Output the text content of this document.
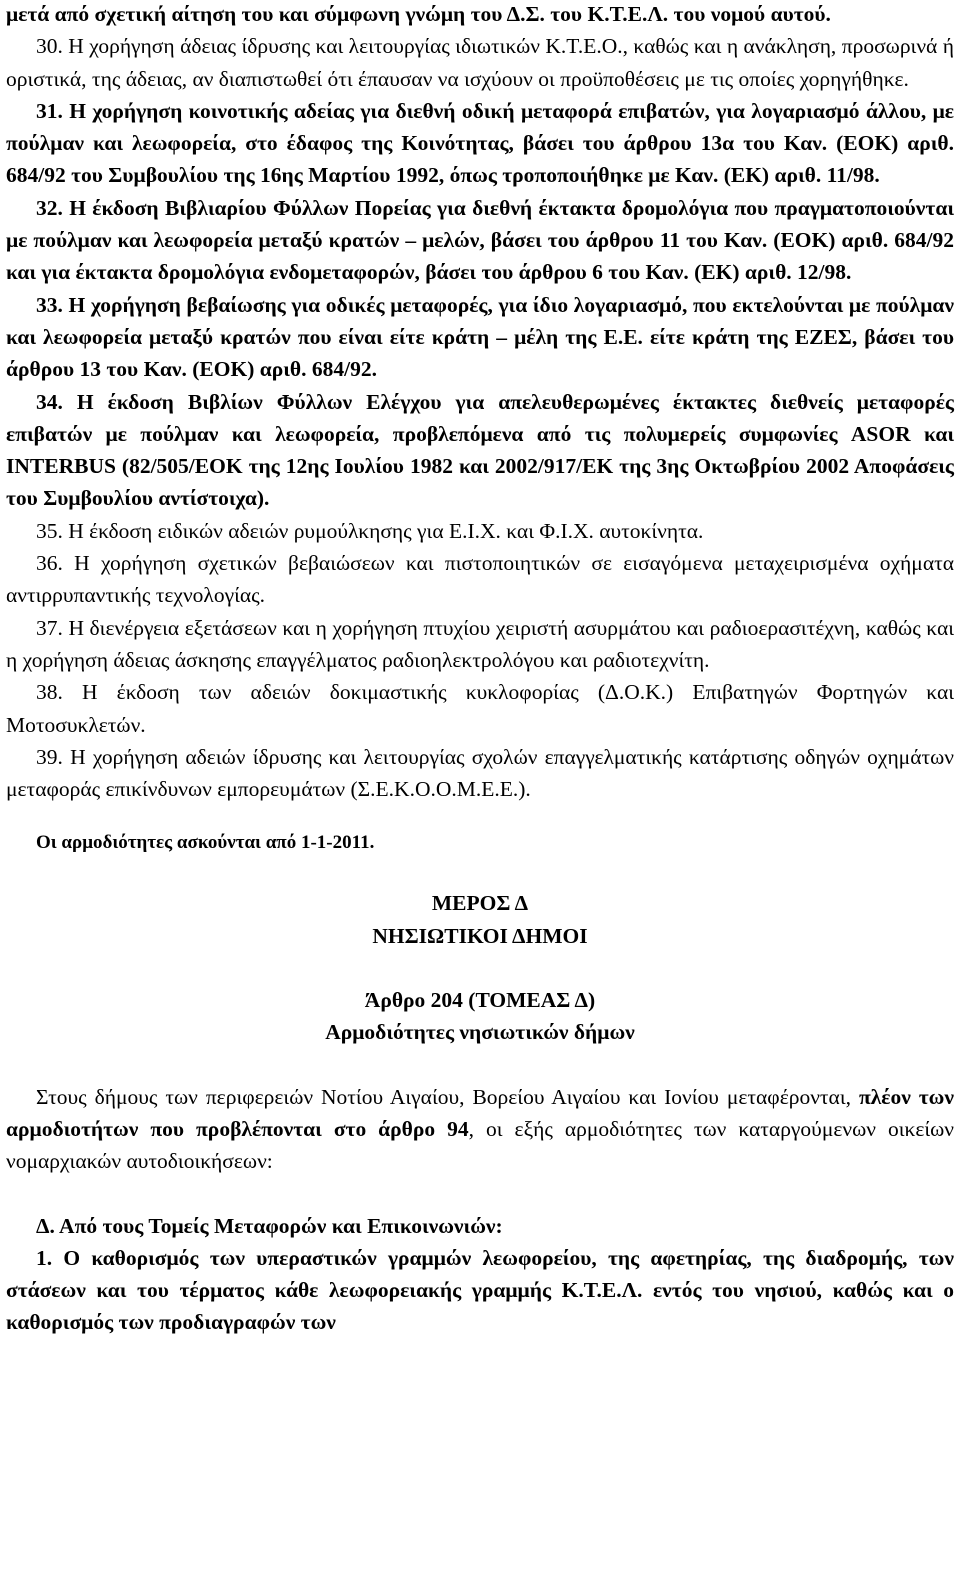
μετά από σχετική αίτηση του και σύμφωνη γνώμη του Δ.Σ. του Κ.Τ.Ε.Λ. του νομού αυτού.

30. Η χορήγηση άδειας ίδρυσης και λειτουργίας ιδιωτικών Κ.Τ.Ε.Ο., καθώς και η ανάκληση, προσωρινά ή οριστικά, της άδειας, αν διαπιστωθεί ότι έπαυσαν να ισχύουν οι προϋποθέσεις με τις οποίες χορηγήθηκε.

31. Η χορήγηση κοινοτικής αδείας για διεθνή οδική μεταφορά επιβατών, για λογαριασμό άλλου, με πούλμαν και λεωφορεία, στο έδαφος της Κοινότητας, βάσει του άρθρου 13α του Καν. (ΕΟΚ) αριθ. 684/92 του Συμβουλίου της 16ης Μαρτίου 1992, όπως τροποποιήθηκε με Καν. (ΕΚ) αριθ. 11/98.

32. Η έκδοση Βιβλιαρίου Φύλλων Πορείας για διεθνή έκτακτα δρομολόγια που πραγματοποιούνται με πούλμαν και λεωφορεία μεταξύ κρατών – μελών, βάσει του άρθρου 11 του Καν. (ΕΟΚ) αριθ. 684/92 και για έκτακτα δρομολόγια ενδομεταφορών, βάσει του άρθρου 6 του Καν. (ΕΚ) αριθ. 12/98.

33. Η χορήγηση βεβαίωσης για οδικές μεταφορές, για ίδιο λογαριασμό, που εκτελούνται με πούλμαν και λεωφορεία μεταξύ κρατών που είναι είτε κράτη – μέλη της Ε.Ε. είτε κράτη της ΕΖΕΣ, βάσει του άρθρου 13 του Καν. (ΕΟΚ) αριθ. 684/92.

34. Η έκδοση Βιβλίων Φύλλων Ελέγχου για απελευθερωμένες έκτακτες διεθνείς μεταφορές επιβατών με πούλμαν και λεωφορεία, προβλεπόμενα από τις πολυμερείς συμφωνίες ASOR και INTERBUS (82/505/ΕΟΚ της 12ης Ιουλίου 1982 και 2002/917/ΕΚ της 3ης Οκτωβρίου 2002 Αποφάσεις του Συμβουλίου αντίστοιχα).

35. Η έκδοση ειδικών αδειών ρυμούλκησης για Ε.Ι.Χ. και Φ.Ι.Χ. αυτοκίνητα.

36. Η χορήγηση σχετικών βεβαιώσεων και πιστοποιητικών σε εισαγόμενα μεταχειρισμένα οχήματα αντιρρυπαντικής τεχνολογίας.

37. Η διενέργεια εξετάσεων και η χορήγηση πτυχίου χειριστή ασυρμάτου και ραδιοερασιτέχνη, καθώς και η χορήγηση άδειας άσκησης επαγγέλματος ραδιοηλεκτρολόγου και ραδιοτεχνίτη.

38. Η έκδοση των αδειών δοκιμαστικής κυκλοφορίας (Δ.Ο.Κ.) Επιβατηγών Φορτηγών και Μοτοσυκλετών.

39. Η χορήγηση αδειών ίδρυσης και λειτουργίας σχολών επαγγελματικής κατάρτισης οδηγών οχημάτων μεταφοράς επικίνδυνων εμπορευμάτων (Σ.Ε.Κ.Ο.Ο.Μ.Ε.Ε.).

Οι αρμοδιότητες ασκούνται από 1-1-2011.

ΜΕΡΟΣ Δ

ΝΗΣΙΩΤΙΚΟΙ ΔΗΜΟΙ

Άρθρο 204 (ΤΟΜΕΑΣ Δ)

Αρμοδιότητες νησιωτικών δήμων

Στους δήμους των περιφερειών Νοτίου Αιγαίου, Βορείου Αιγαίου και Ιονίου μεταφέρονται, πλέον των αρμοδιοτήτων που προβλέπονται στο άρθρο 94, οι εξής αρμοδιότητες των καταργούμενων οικείων νομαρχιακών αυτοδιοικήσεων:

Δ. Από τους Τομείς Μεταφορών και Επικοινωνιών:

1. Ο καθορισμός των υπεραστικών γραμμών λεωφορείου, της αφετηρίας, της διαδρομής, των στάσεων και του τέρματος κάθε λεωφορειακής γραμμής Κ.Τ.Ε.Λ. εντός του νησιού, καθώς και ο καθορισμός των προδιαγραφών των
